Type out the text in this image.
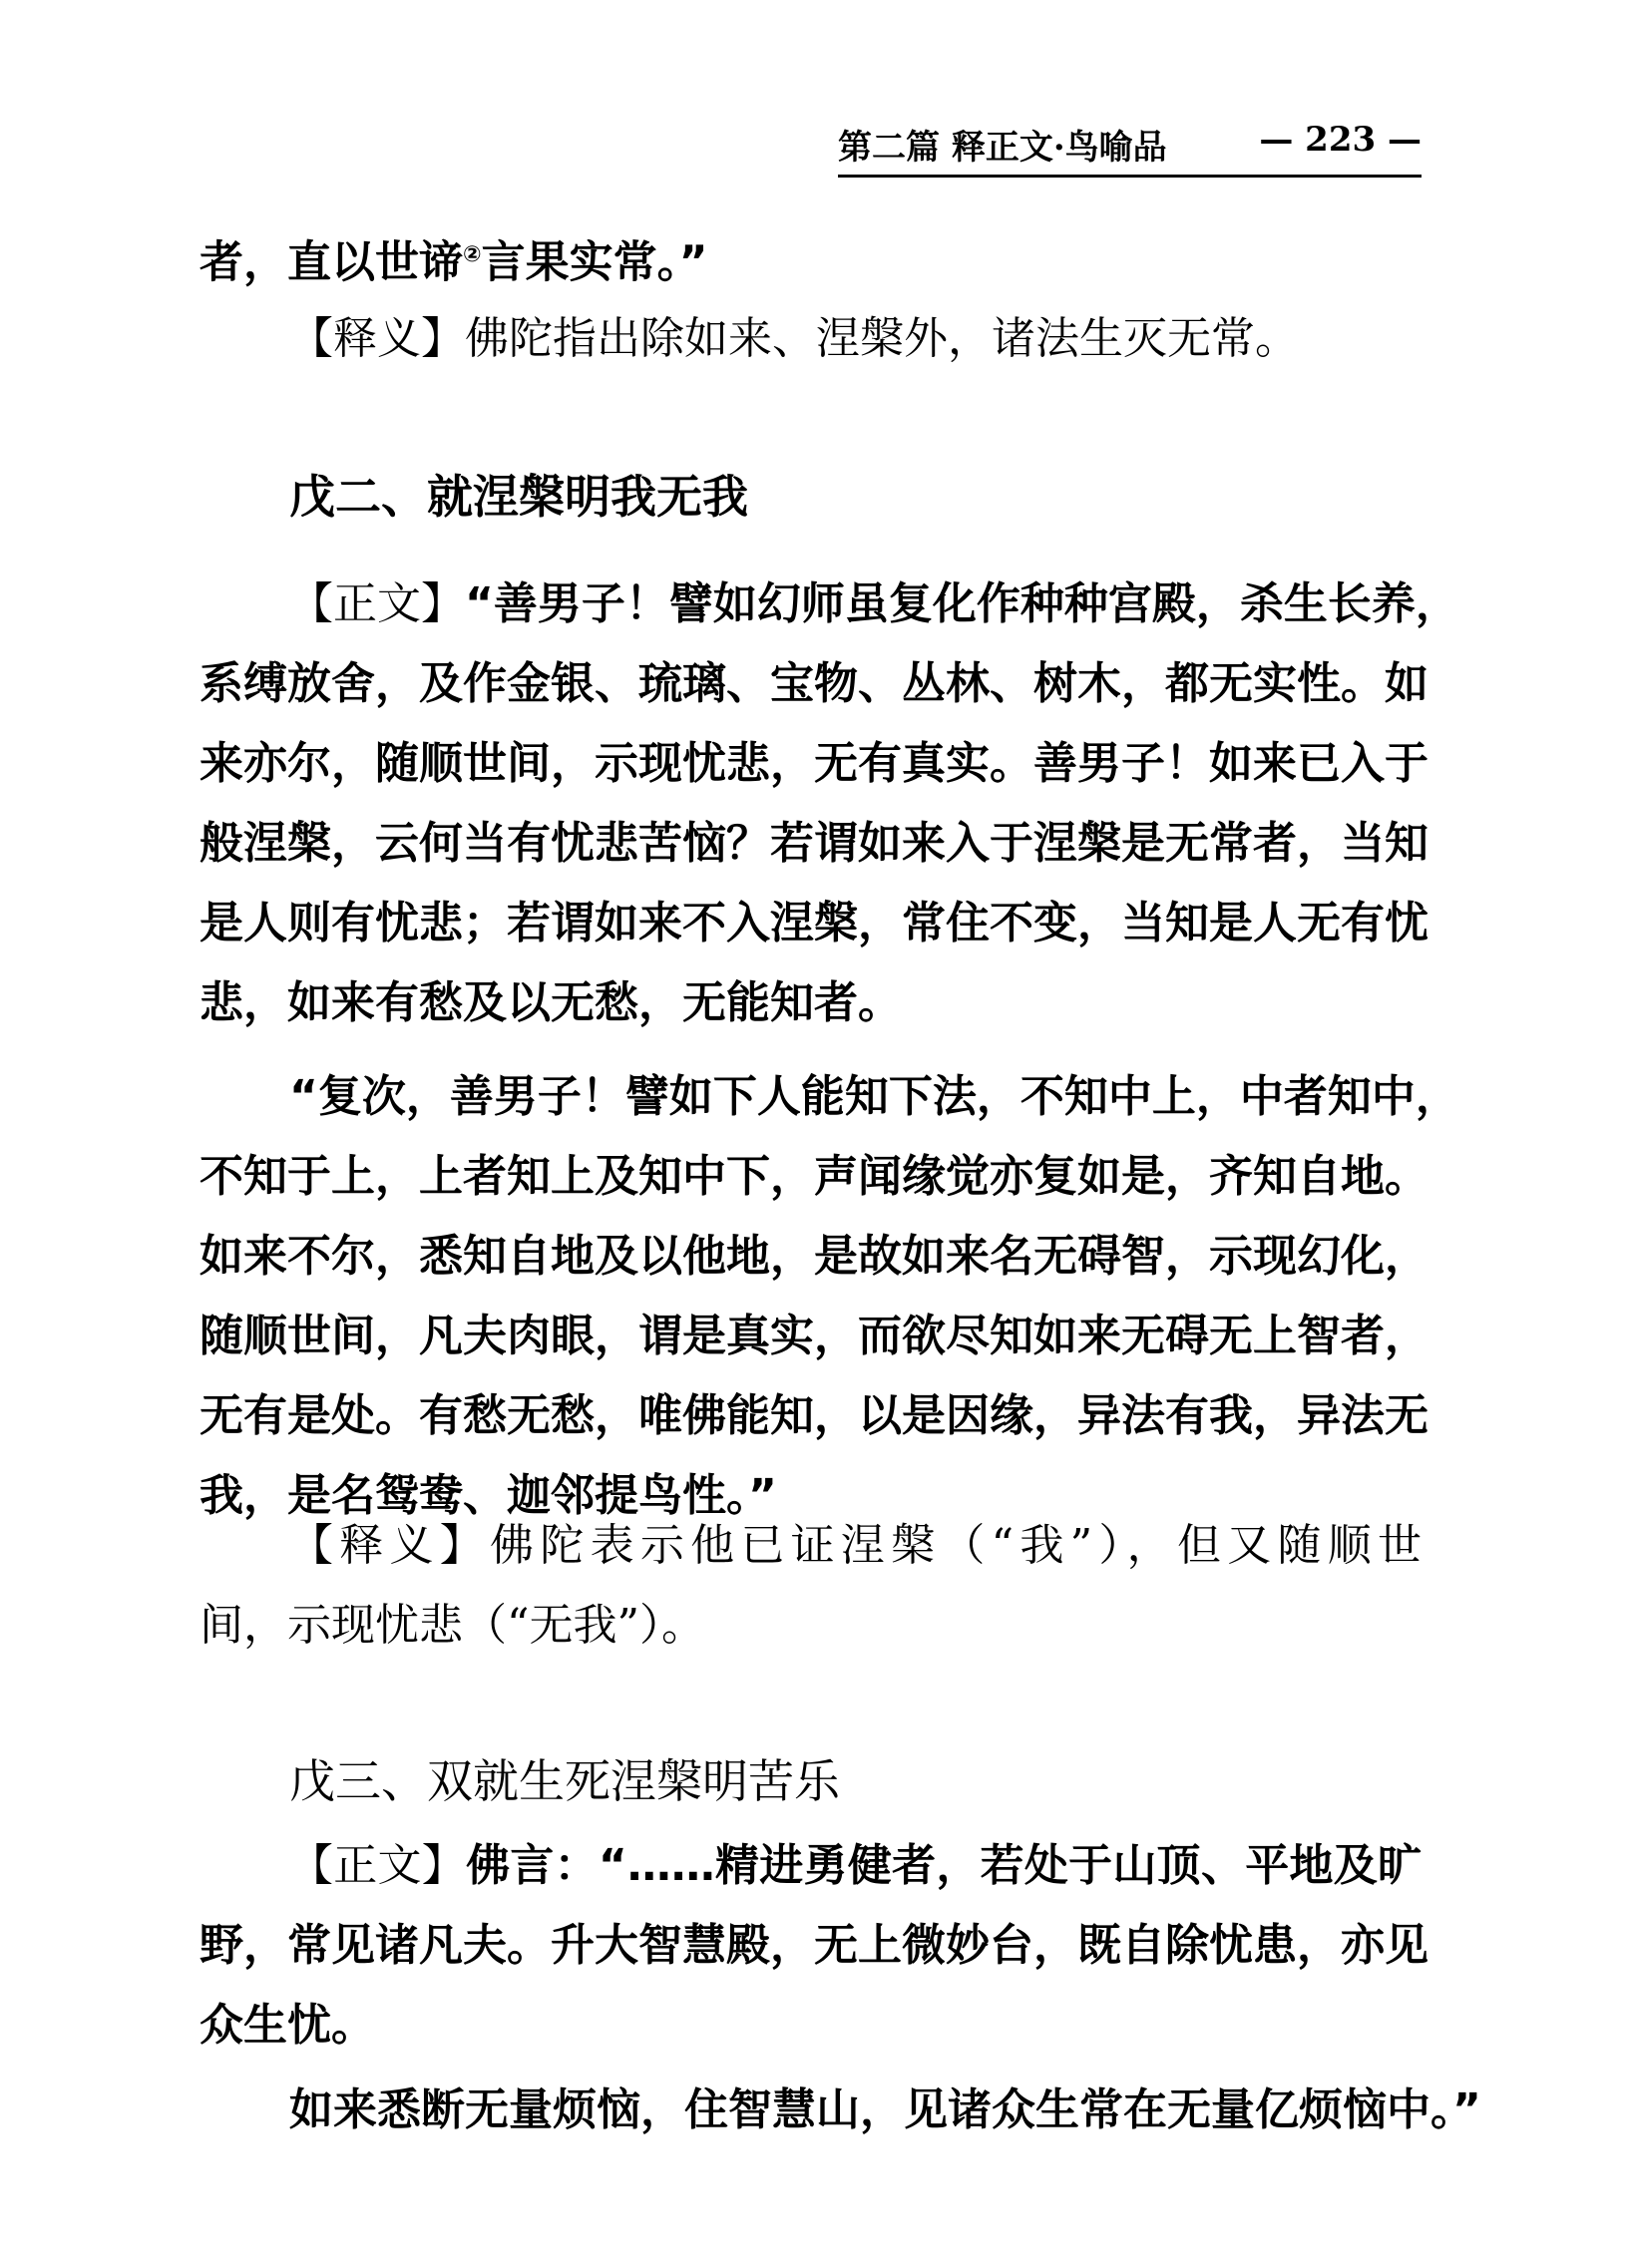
第二篇 释正文·鸟喻品	— 223 —
者，直以世谛②言果实常。”
【释义】佛陀指出除如来、涅槃外，诸法生灭无常。
戊二、就涅槃明我无我
【正文】“善男子！譬如幻师虽复化作种种宫殿，杀生长养，
系缚放舍，及作金银、琉璃、宝物、丛林、树木，都无实性。如
来亦尔，随顺世间，示现忧悲，无有真实。善男子！如来已入于
般涅槃，云何当有忧悲苦恼？若谓如来入于涅槃是无常者，当知
是人则有忧悲；若谓如来不入涅槃，常住不变，当知是人无有忧
悲，如来有愁及以无愁，无能知者。
“复次，善男子！譬如下人能知下法，不知中上，中者知中，
不知于上，上者知上及知中下，声闻缘觉亦复如是，齐知自地。
如来不尔，悉知自地及以他地，是故如来名无碍智，示现幻化，
随顺世间，凡夫肉眼，谓是真实，而欲尽知如来无碍无上智者，
无有是处。有愁无愁，唯佛能知，以是因缘，异法有我，异法无
我，是名鸳鸯、迦邻提鸟性。”
【释义】佛陀表示他已证涅槃（“我”），但又随顺世
间，示现忧悲（“无我”）。
戊三、双就生死涅槃明苦乐
【正文】佛言：“……精进勇健者，若处于山顶、平地及旷
野，常见诸凡夫。升大智慧殿，无上微妙台，既自除忧患，亦见
众生忧。
如来悉断无量烦恼，住智慧山，见诸众生常在无量亿烦恼中。”
